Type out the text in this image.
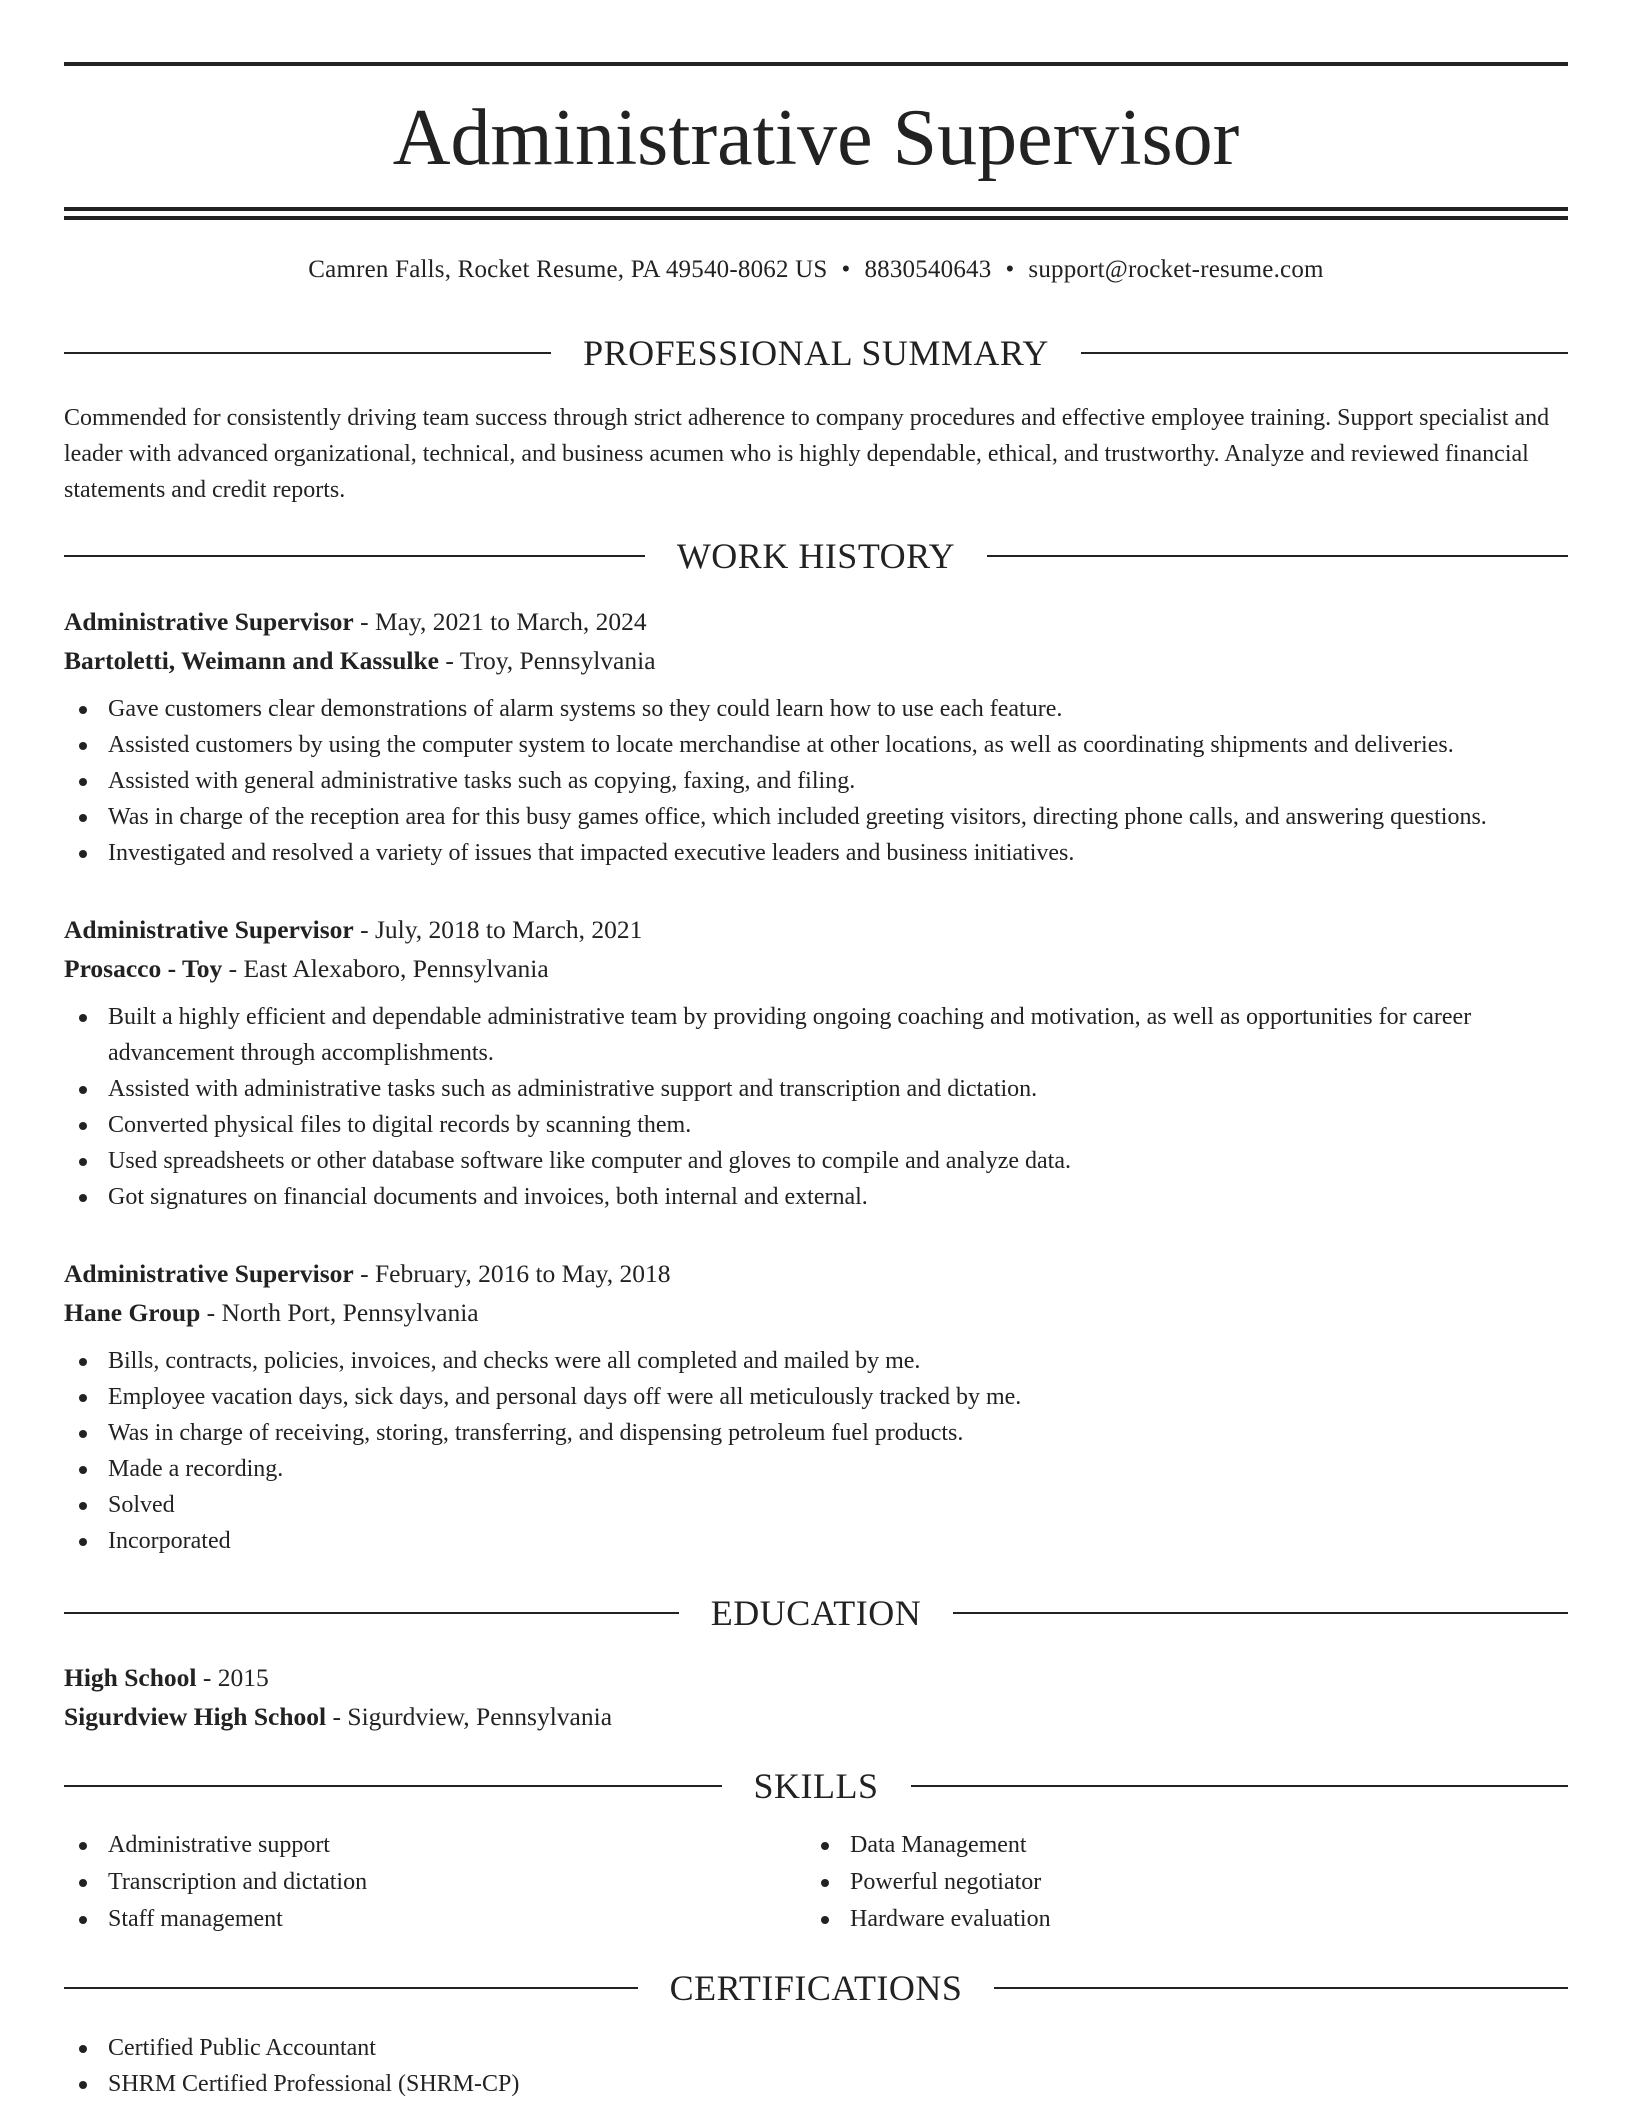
Administrative Supervisor
Camren Falls, Rocket Resume, PA 49540-8062 US • 8830540643 • support@rocket-resume.com
PROFESSIONAL SUMMARY

Commended for consistently driving team success through strict adherence to company procedures and effective employee training. Support specialist and leader with advanced organizational, technical, and business acumen who is highly dependable, ethical, and trustworthy. Analyze and reviewed financial statements and credit reports.

WORK HISTORY
Administrative Supervisor - May, 2021 to March, 2024
Bartoletti, Weimann and Kassulke - Troy, Pennsylvania
Gave customers clear demonstrations of alarm systems so they could learn how to use each feature.
Assisted customers by using the computer system to locate merchandise at other locations, as well as coordinating shipments and deliveries.
Assisted with general administrative tasks such as copying, faxing, and filing.
Was in charge of the reception area for this busy games office, which included greeting visitors, directing phone calls, and answering questions.
Investigated and resolved a variety of issues that impacted executive leaders and business initiatives.
Administrative Supervisor - July, 2018 to March, 2021
Prosacco - Toy - East Alexaboro, Pennsylvania
Built a highly efficient and dependable administrative team by providing ongoing coaching and motivation, as well as opportunities for career advancement through accomplishments.
Assisted with administrative tasks such as administrative support and transcription and dictation.
Converted physical files to digital records by scanning them.
Used spreadsheets or other database software like computer and gloves to compile and analyze data.
Got signatures on financial documents and invoices, both internal and external.
Administrative Supervisor - February, 2016 to May, 2018
Hane Group - North Port, Pennsylvania
Bills, contracts, policies, invoices, and checks were all completed and mailed by me.
Employee vacation days, sick days, and personal days off were all meticulously tracked by me.
Was in charge of receiving, storing, transferring, and dispensing petroleum fuel products.
Made a recording.
Solved
Incorporated
EDUCATION
High School - 2015
Sigurdview High School - Sigurdview, Pennsylvania
SKILLS
Administrative support
Transcription and dictation
Staff management
Data Management
Powerful negotiator
Hardware evaluation
CERTIFICATIONS
Certified Public Accountant
SHRM Certified Professional (SHRM-CP)
